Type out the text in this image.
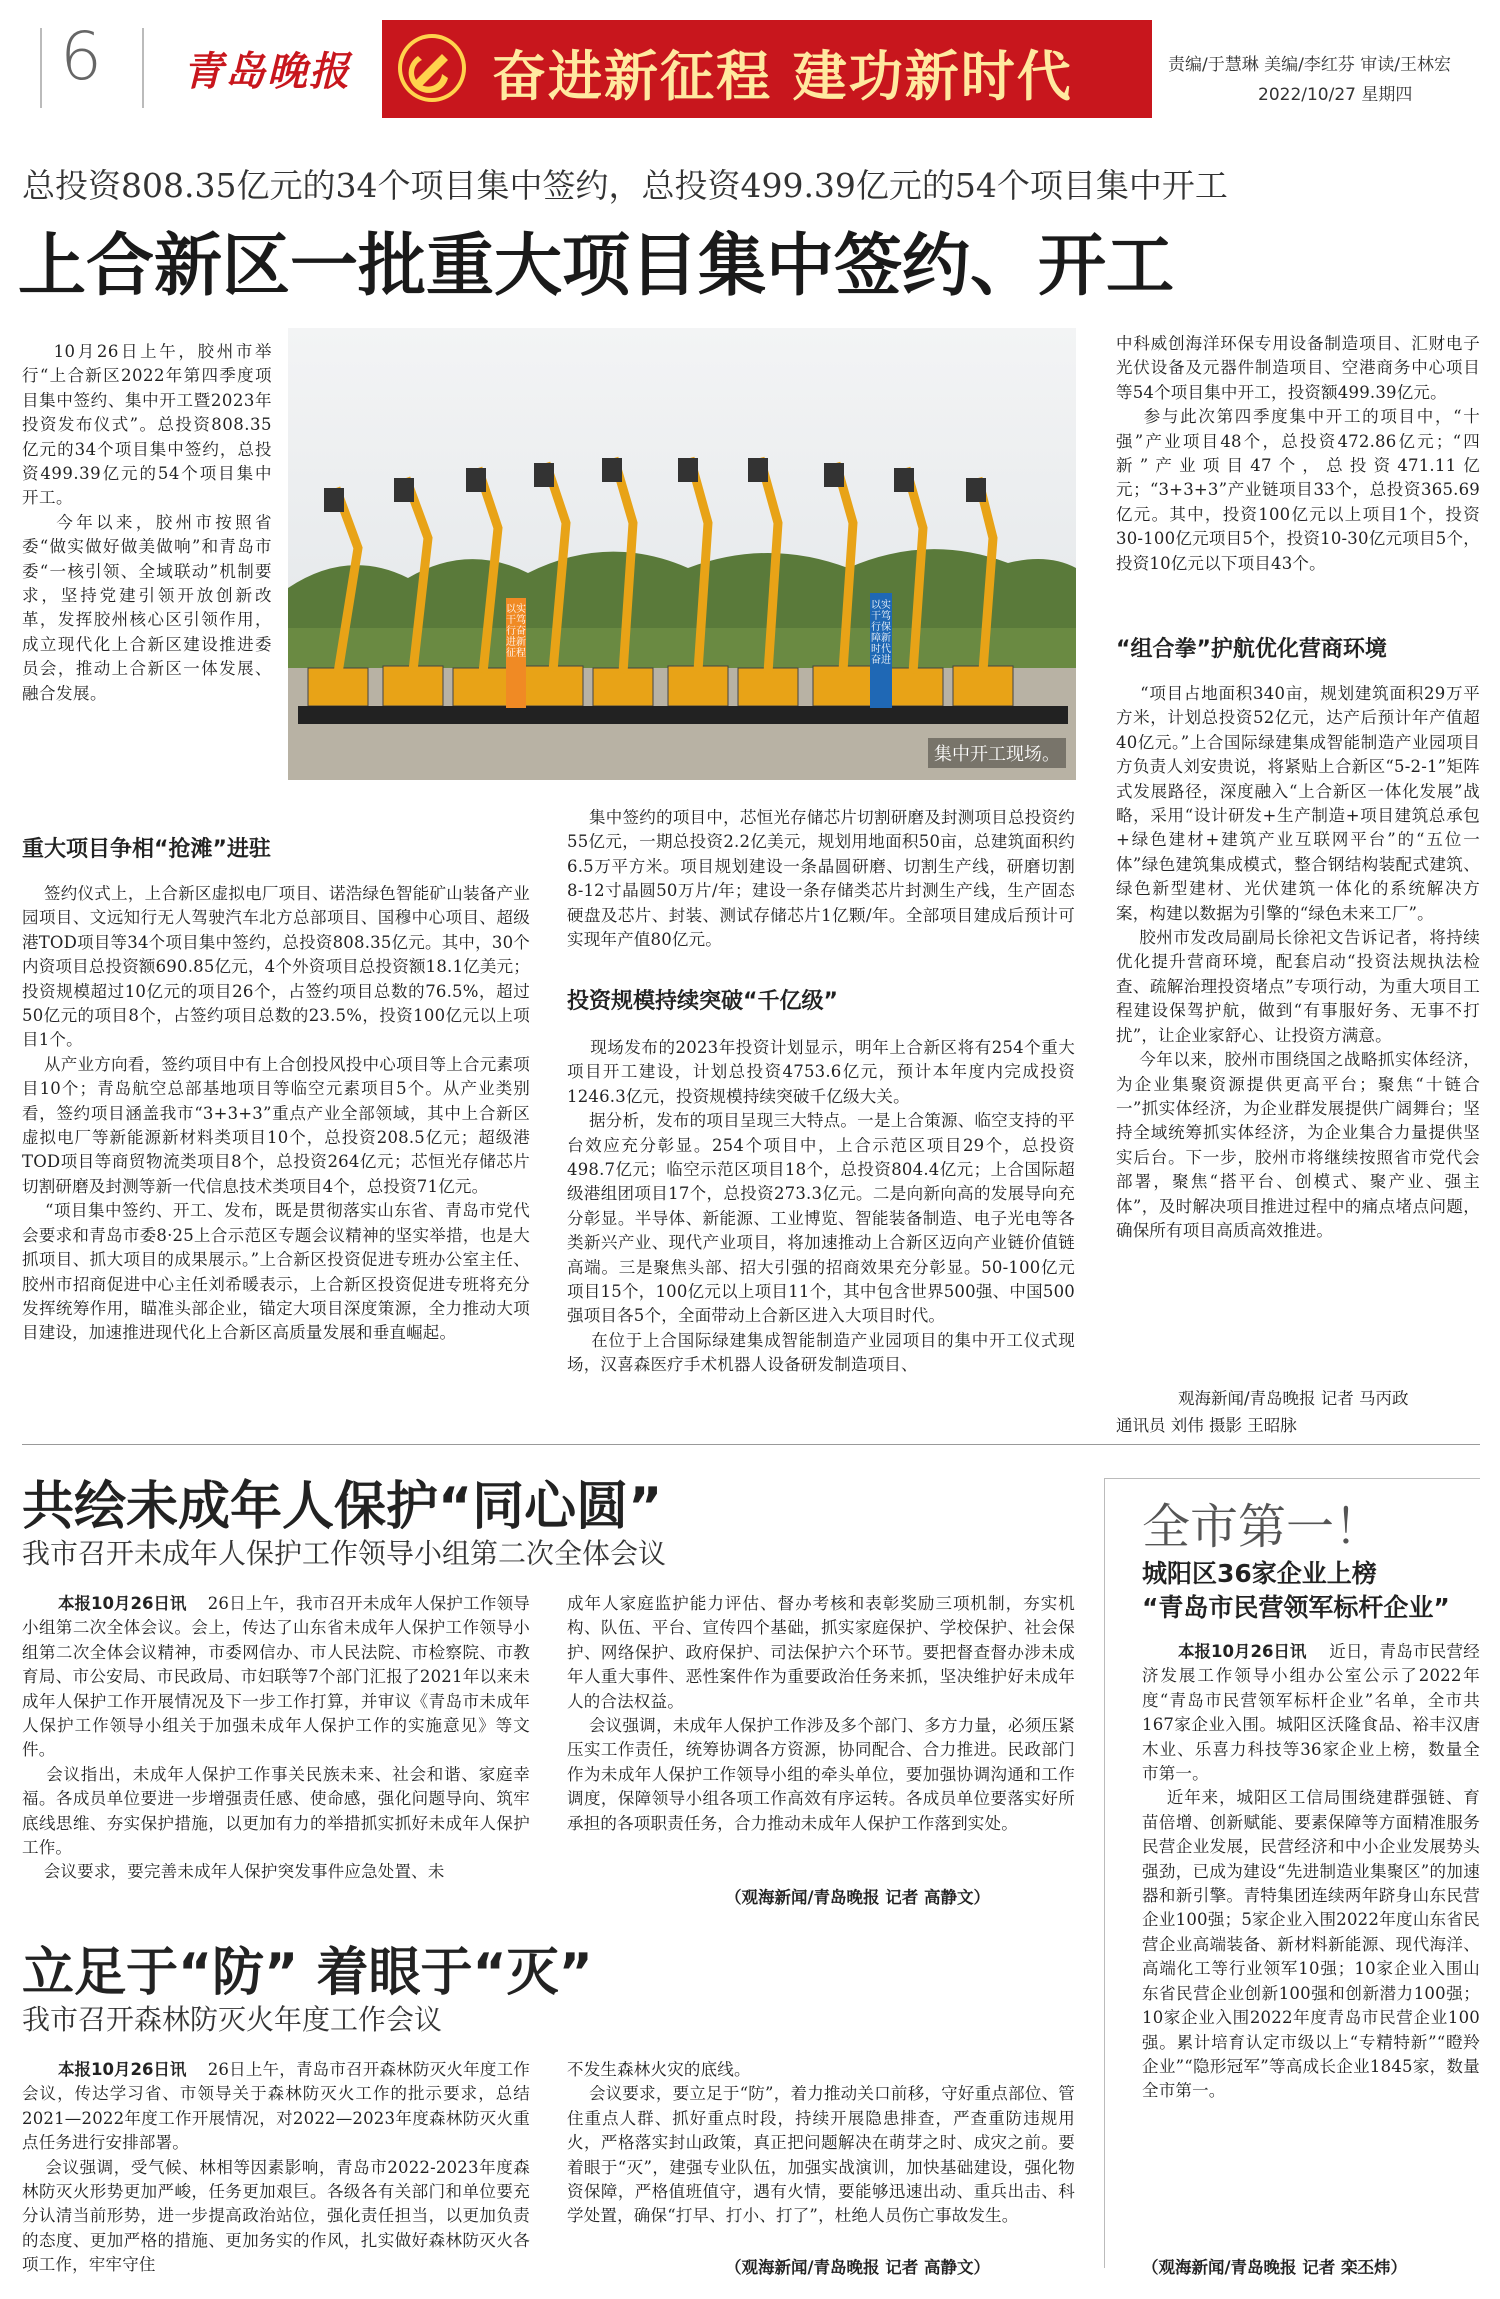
6 青岛晚报	奋进新征程 建功新时代	责编/于慧琳 美编/李红芬 审读/王林宏
2022/10/27 星期四
总投资808.35亿元的34个项目集中签约，总投资499.39亿元的54个项目集中开工
上合新区一批重大项目集中签约、开工
10月26日上午，胶州市举行“上合新区2022年第四季度项目集中签约、集中开工暨2023年投资发布仪式”。总投资808.35亿元的34个项目集中签约，总投资499.39亿元的54个项目集中开工。
今年以来，胶州市按照省委“做实做好做美做响”和青岛市委“一核引领、全域联动”机制要求，坚持党建引领开放创新改革，发挥胶州核心区引领作用，成立现代化上合新区建设推进委员会，推动上合新区一体发展、融合发展。
以实干笃行奋进新征程
以实干笃行保障新时代奋进
集中开工现场。
重大项目争相“抢滩”进驻
签约仪式上，上合新区虚拟电厂项目、诺浩绿色智能矿山装备产业园项目、文远知行无人驾驶汽车北方总部项目、国穆中心项目、超级港TOD项目等34个项目集中签约，总投资808.35亿元。其中，30个内资项目总投资额690.85亿元，4个外资项目总投资额18.1亿美元；投资规模超过10亿元的项目26个，占签约项目总数的76.5%，超过50亿元的项目8个，占签约项目总数的23.5%，投资100亿元以上项目1个。
从产业方向看，签约项目中有上合创投风投中心项目等上合元素项目10个；青岛航空总部基地项目等临空元素项目5个。从产业类别看，签约项目涵盖我市“3+3+3”重点产业全部领域，其中上合新区虚拟电厂等新能源新材料类项目10个，总投资208.5亿元；超级港TOD项目等商贸物流类项目8个，总投资264亿元；芯恒光存储芯片切割研磨及封测等新一代信息技术类项目4个，总投资71亿元。
“项目集中签约、开工、发布，既是贯彻落实山东省、青岛市党代会要求和青岛市委8·25上合示范区专题会议精神的坚实举措，也是大抓项目、抓大项目的成果展示。”上合新区投资促进专班办公室主任、胶州市招商促进中心主任刘希暖表示，上合新区投资促进专班将充分发挥统筹作用，瞄准头部企业，锚定大项目深度策源，全力推动大项目建设，加速推进现代化上合新区高质量发展和垂直崛起。
集中签约的项目中，芯恒光存储芯片切割研磨及封测项目总投资约55亿元，一期总投资2.2亿美元，规划用地面积50亩，总建筑面积约6.5万平方米。项目规划建设一条晶圆研磨、切割生产线，研磨切割8-12寸晶圆50万片/年；建设一条存储类芯片封测生产线，生产固态硬盘及芯片、封装、测试存储芯片1亿颗/年。全部项目建成后预计可实现年产值80亿元。
投资规模持续突破“千亿级”
现场发布的2023年投资计划显示，明年上合新区将有254个重大项目开工建设，计划总投资4753.6亿元，预计本年度内完成投资1246.3亿元，投资规模持续突破千亿级大关。
据分析，发布的项目呈现三大特点。一是上合策源、临空支持的平台效应充分彰显。254个项目中，上合示范区项目29个，总投资498.7亿元；临空示范区项目18个，总投资804.4亿元；上合国际超级港组团项目17个，总投资273.3亿元。二是向新向高的发展导向充分彰显。半导体、新能源、工业博览、智能装备制造、电子光电等各类新兴产业、现代产业项目，将加速推动上合新区迈向产业链价值链高端。三是聚焦头部、招大引强的招商效果充分彰显。50-100亿元项目15个，100亿元以上项目11个，其中包含世界500强、中国500强项目各5个，全面带动上合新区进入大项目时代。
在位于上合国际绿建集成智能制造产业园项目的集中开工仪式现场，汉喜森医疗手术机器人设备研发制造项目、
中科威创海洋环保专用设备制造项目、汇财电子光伏设备及元器件制造项目、空港商务中心项目等54个项目集中开工，投资额499.39亿元。
参与此次第四季度集中开工的项目中，“十强”产业项目48个，总投资472.86亿元；“四新”产业项目47个，总投资471.11亿元；“3+3+3”产业链项目33个，总投资365.69亿元。其中，投资100亿元以上项目1个，投资30-100亿元项目5个，投资10-30亿元项目5个，投资10亿元以下项目43个。
“组合拳”护航优化营商环境
“项目占地面积340亩，规划建筑面积29万平方米，计划总投资52亿元，达产后预计年产值超40亿元。”上合国际绿建集成智能制造产业园项目方负责人刘安贵说，将紧贴上合新区“5-2-1”矩阵式发展路径，深度融入“上合新区一体化发展”战略，采用“设计研发+生产制造+项目建筑总承包+绿色建材+建筑产业互联网平台”的“五位一体”绿色建筑集成模式，整合钢结构装配式建筑、绿色新型建材、光伏建筑一体化的系统解决方案，构建以数据为引擎的“绿色未来工厂”。
胶州市发改局副局长徐祀文告诉记者，将持续优化提升营商环境，配套启动“投资法规执法检查、疏解治理投资堵点”专项行动，为重大项目工程建设保驾护航，做到“有事服好务、无事不打扰”，让企业家舒心、让投资方满意。
今年以来，胶州市围绕国之战略抓实体经济，为企业集聚资源提供更高平台；聚焦“十链合一”抓实体经济，为企业群发展提供广阔舞台；坚持全域统筹抓实体经济，为企业集合力量提供坚实后台。下一步，胶州市将继续按照省市党代会部署，聚焦“搭平台、创模式、聚产业、强主体”，及时解决项目推进过程中的痛点堵点问题，确保所有项目高质高效推进。
观海新闻/青岛晚报 记者 马丙政
通讯员 刘伟 摄影 王昭脉
共绘未成年人保护“同心圆”
我市召开未成年人保护工作领导小组第二次全体会议
本报10月26日讯	26日上午，我市召开未成年人保护工作领导小组第二次全体会议。会上，传达了山东省未成年人保护工作领导小组第二次全体会议精神，市委网信办、市人民法院、市检察院、市教育局、市公安局、市民政局、市妇联等7个部门汇报了2021年以来未成年人保护工作开展情况及下一步工作打算，并审议《青岛市未成年人保护工作领导小组关于加强未成年人保护工作的实施意见》等文件。
会议指出，未成年人保护工作事关民族未来、社会和谐、家庭幸福。各成员单位要进一步增强责任感、使命感，强化问题导向、筑牢底线思维、夯实保护措施，以更加有力的举措抓实抓好未成年人保护工作。
会议要求，要完善未成年人保护突发事件应急处置、未
成年人家庭监护能力评估、督办考核和表彰奖励三项机制，夯实机构、队伍、平台、宣传四个基础，抓实家庭保护、学校保护、社会保护、网络保护、政府保护、司法保护六个环节。要把督查督办涉未成年人重大事件、恶性案件作为重要政治任务来抓，坚决维护好未成年人的合法权益。
会议强调，未成年人保护工作涉及多个部门、多方力量，必须压紧压实工作责任，统筹协调各方资源，协同配合、合力推进。民政部门作为未成年人保护工作领导小组的牵头单位，要加强协调沟通和工作调度，保障领导小组各项工作高效有序运转。各成员单位要落实好所承担的各项职责任务，合力推动未成年人保护工作落到实处。
（观海新闻/青岛晚报 记者 高静文）
立足于“防” 着眼于“灭”
我市召开森林防灭火年度工作会议
本报10月26日讯	26日上午，青岛市召开森林防灭火年度工作会议，传达学习省、市领导关于森林防灭火工作的批示要求，总结2021—2022年度工作开展情况，对2022—2023年度森林防灭火重点任务进行安排部署。
会议强调，受气候、林相等因素影响，青岛市2022-2023年度森林防灭火形势更加严峻，任务更加艰巨。各级各有关部门和单位要充分认清当前形势，进一步提高政治站位，强化责任担当，以更加负责的态度、更加严格的措施、更加务实的作风，扎实做好森林防灭火各项工作，牢牢守住
不发生森林火灾的底线。
会议要求，要立足于“防”，着力推动关口前移，守好重点部位、管住重点人群、抓好重点时段，持续开展隐患排查，严查重防违规用火，严格落实封山政策，真正把问题解决在萌芽之时、成灾之前。要着眼于“灭”，建强专业队伍，加强实战演训，加快基础建设，强化物资保障，严格值班值守，遇有火情，要能够迅速出动、重兵出击、科学处置，确保“打早、打小、打了”，杜绝人员伤亡事故发生。
（观海新闻/青岛晚报 记者 高静文）
全市第一！
城阳区36家企业上榜
“青岛市民营领军标杆企业”
本报10月26日讯	近日，青岛市民营经济发展工作领导小组办公室公示了2022年度“青岛市民营领军标杆企业”名单，全市共167家企业入围。城阳区沃隆食品、裕丰汉唐木业、乐喜力科技等36家企业上榜，数量全市第一。
近年来，城阳区工信局围绕建群强链、育苗倍增、创新赋能、要素保障等方面精准服务民营企业发展，民营经济和中小企业发展势头强劲，已成为建设“先进制造业集聚区”的加速器和新引擎。青特集团连续两年跻身山东民营企业100强；5家企业入围2022年度山东省民营企业高端装备、新材料新能源、现代海洋、高端化工等行业领军10强；10家企业入围山东省民营企业创新100强和创新潜力100强；10家企业入围2022年度青岛市民营企业100强。累计培育认定市级以上“专精特新”“瞪羚企业”“隐形冠军”等高成长企业1845家，数量全市第一。
（观海新闻/青岛晚报 记者 栾丕炜）
